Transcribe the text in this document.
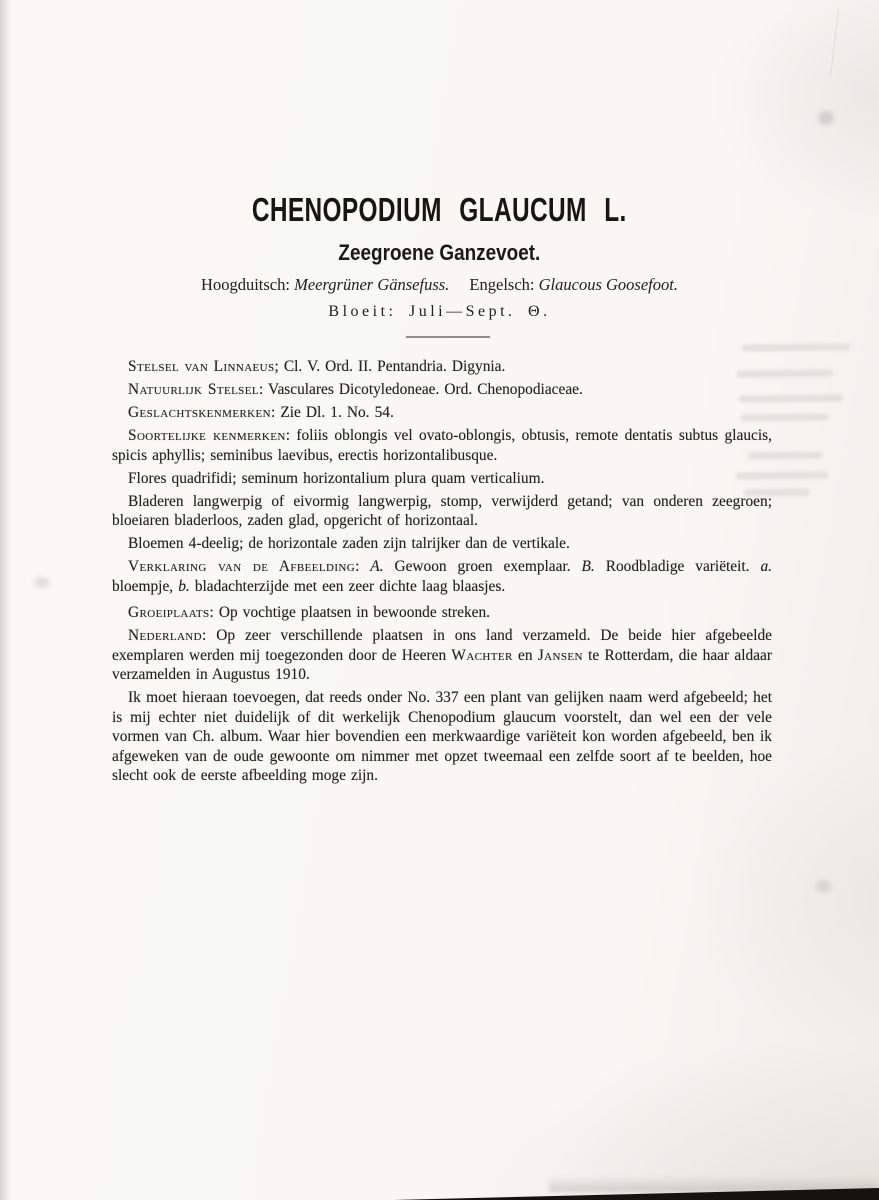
CHENOPODIUM GLAUCUM L.
Zeegroene Ganzevoet.
Hoogduitsch: Meergrüner Gänsefuss. Engelsch: Glaucous Goosefoot.
Bloeit: Juli—Sept. Θ.

Stelsel van Linnaeus; Cl. V. Ord. II. Pentandria. Digynia.

Natuurlijk Stelsel: Vasculares Dicotyledoneae. Ord. Chenopodiaceae.

Geslachtskenmerken: Zie Dl. 1. No. 54.

Soortelijke kenmerken: foliis oblongis vel ovato-oblongis, obtusis, remote dentatis subtus glaucis, spicis aphyllis; seminibus laevibus, erectis horizontalibusque.

Flores quadrifidi; seminum horizontalium plura quam verticalium.

Bladeren langwerpig of eivormig langwerpig, stomp, verwijderd getand; van onderen zeegroen; bloeiaren bladerloos, zaden glad, opgericht of horizontaal.

Bloemen 4-deelig; de horizontale zaden zijn talrijker dan de vertikale.

Verklaring van de Afbeelding: A. Gewoon groen exemplaar. B. Roodbladige variëteit. a. bloempje, b. bladachterzijde met een zeer dichte laag blaasjes.

Groeiplaats: Op vochtige plaatsen in bewoonde streken.

Nederland: Op zeer verschillende plaatsen in ons land verzameld. De beide hier afgebeelde exemplaren werden mij toegezonden door de Heeren Wachter en Jansen te Rotterdam, die haar aldaar verzamelden in Augustus 1910.

Ik moet hieraan toevoegen, dat reeds onder No. 337 een plant van gelijken naam werd afgebeeld; het is mij echter niet duidelijk of dit werkelijk Chenopodium glaucum voorstelt, dan wel een der vele vormen van Ch. album. Waar hier bovendien een merkwaardige variëteit kon worden afgebeeld, ben ik afgeweken van de oude gewoonte om nimmer met opzet tweemaal een zelfde soort af te beelden, hoe slecht ook de eerste afbeelding moge zijn.
